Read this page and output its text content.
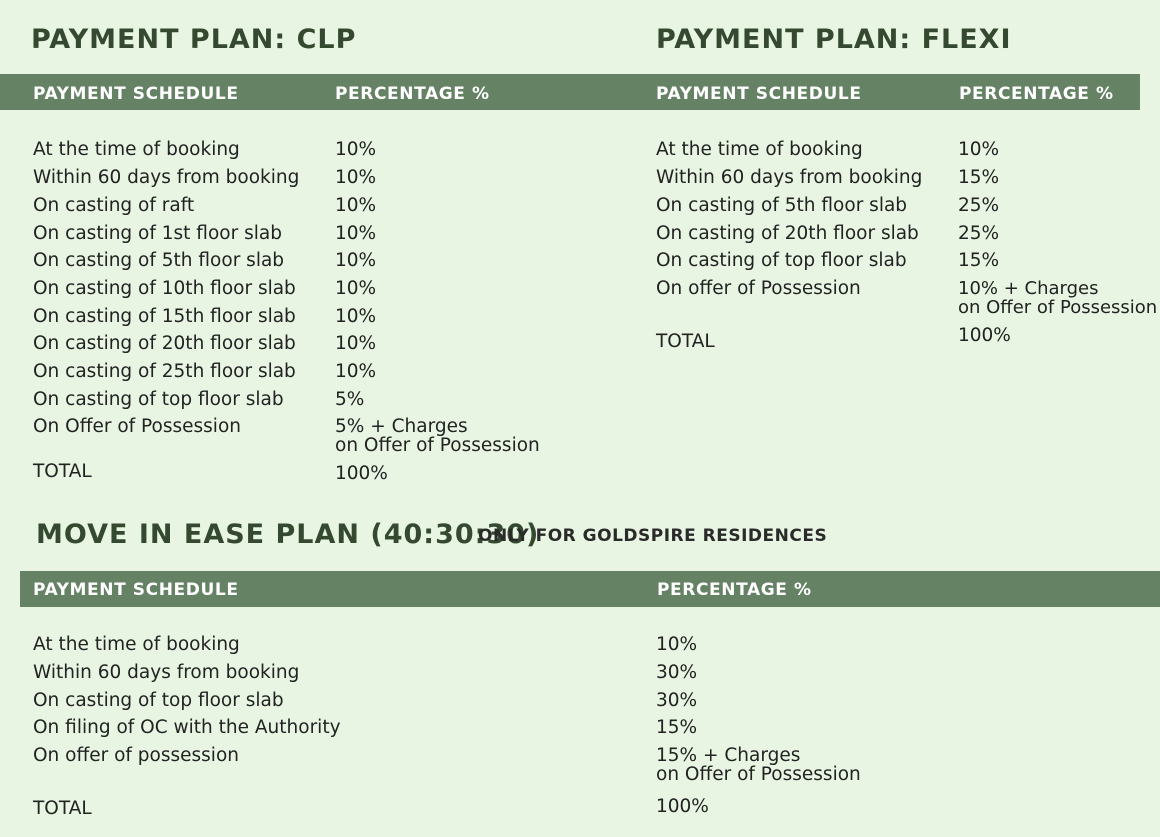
PAYMENT PLAN: CLP
PAYMENT SCHEDULE	PERCENTAGE %
At the time of booking	10%
Within 60 days from booking 10%
On casting of raft	10%
On casting of 1st floor slab	10%
On casting of 5th floor slab	10%
On casting of 10th floor slab 10%
On casting of 15th floor slab 10%
On casting of 20th floor slab 10%
On casting of 25th floor slab 10%
On casting of top floor slab	5%
On Offer of Possession	5% + Charges
on Offer of Possession
TOTAL	100%
PAYMENT PLAN: FLEXI
PAYMENT SCHEDULE	PERCENTAGE %
At the time of booking	10%
Within 60 days from booking 15%
On casting of 5th floor slab	25%
On casting of 20th floor slab 25%
On casting of top floor slab	15%
On offer of Possession	10% + Charges
on Offer of Possession
TOTAL	100%
MOVE IN EASE PLAN (40:30:30)
ONLY FOR GOLDSPIRE RESIDENCES
PAYMENT SCHEDULE	PERCENTAGE %
At the time of booking	10%
Within 60 days from booking	30%
On casting of top floor slab	30%
On filing of OC with the Authority	15%
On offer of possession	15% + Charges
on Offer of Possession
TOTAL	100%
